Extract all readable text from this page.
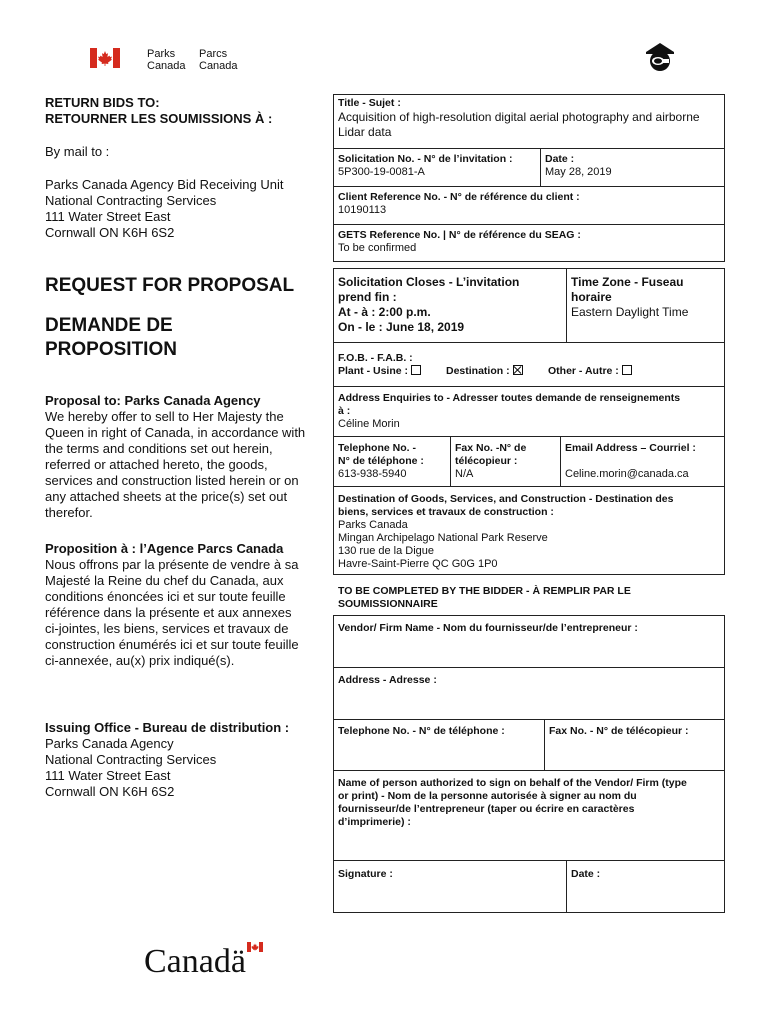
Parks
Canada
Parcs
Canada
RETURN BIDS TO:
RETOURNER LES SOUMISSIONS À :
By mail to :
Parks Canada Agency Bid Receiving Unit
National Contracting Services
111 Water Street East
Cornwall ON K6H 6S2
REQUEST FOR PROPOSAL
DEMANDE DE
PROPOSITION
Proposal to: Parks Canada Agency
We hereby offer to sell to Her Majesty the
Queen in right of Canada, in accordance with
the terms and conditions set out herein,
referred or attached hereto, the goods,
services and construction listed herein or on
any attached sheets at the price(s) set out
therefor.
Proposition à : l’Agence Parcs Canada
Nous offrons par la présente de vendre à sa
Majesté la Reine du chef du Canada, aux
conditions énoncées ici et sur toute feuille
référence dans la présente et aux annexes
ci-jointes, les biens, services et travaux de
construction énumérés ici et sur toute feuille
ci-annexée, au(x) prix indiqué(s).
Issuing Office - Bureau de distribution :
Parks Canada Agency
National Contracting Services
111 Water Street East
Cornwall ON K6H 6S2
Title - Sujet :
Acquisition of high-resolution digital aerial photography and airborne
Lidar data
Solicitation No. - N° de l’invitation :
5P300-19-0081-A
Date :
May 28, 2019
Client Reference No. - N° de référence du client :
10190113
GETS Reference No. | N° de référence du SEAG :
To be confirmed
Solicitation Closes - L’invitation
prend fin :
At - à : 2:00 p.m.
On - le : June 18, 2019
Time Zone - Fuseau
horaire
Eastern Daylight Time
F.O.B. - F.A.B. :
Plant - Usine :	Destination :	Other - Autre :
Address Enquiries to - Adresser toutes demande de renseignements
à :
Céline Morin
Telephone No. -
N° de téléphone :
613-938-5940
Fax No. -N° de
télécopieur :
N/A
Email Address – Courriel :
Celine.morin@canada.ca
Destination of Goods, Services, and Construction - Destination des
biens, services et travaux de construction :
Parks Canada
Mingan Archipelago National Park Reserve
130 rue de la Digue
Havre-Saint-Pierre QC G0G 1P0
TO BE COMPLETED BY THE BIDDER - À REMPLIR PAR LE
SOUMISSIONNAIRE
Vendor/ Firm Name - Nom du fournisseur/de l’entrepreneur :
Address - Adresse :
Telephone No. - N° de téléphone :	Fax No. - N° de télécopieur :
Name of person authorized to sign on behalf of the Vendor/ Firm (type
or print) - Nom de la personne autorisée à signer au nom du
fournisseur/de l’entrepreneur (taper ou écrire en caractères
d’imprimerie) :
Signature :	Date :
Canadä
